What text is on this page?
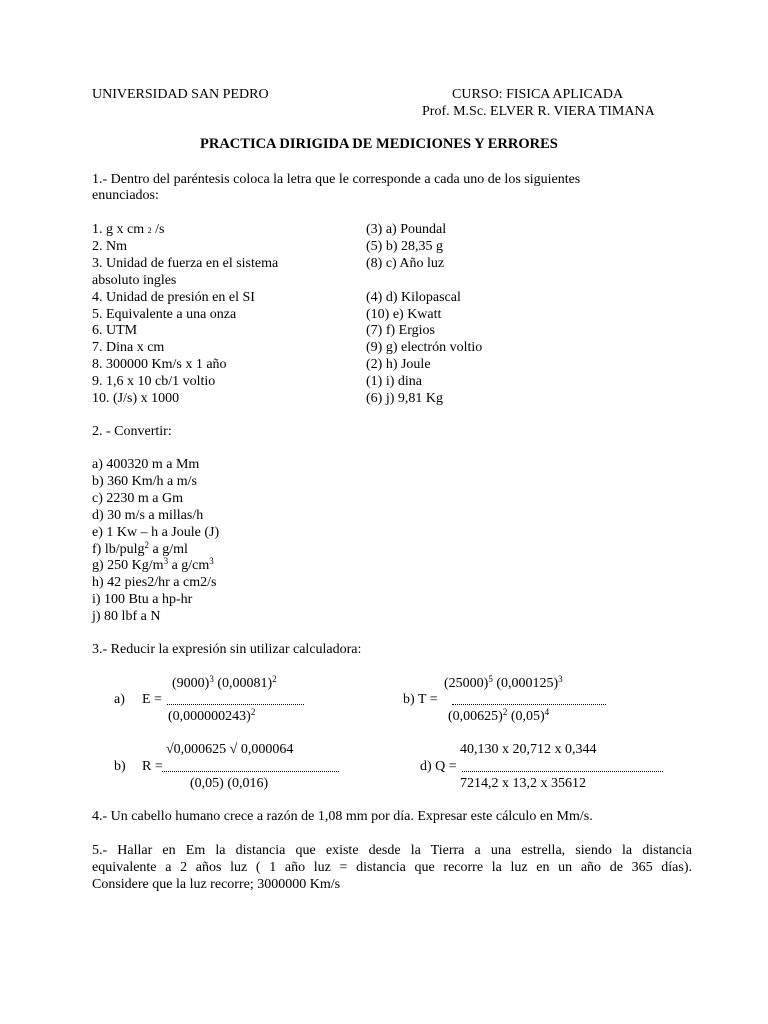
UNIVERSIDAD SAN PEDRO	CURSO: FISICA APLICADA
Prof. M.Sc. ELVER R. VIERA TIMANA
PRACTICA DIRIGIDA DE MEDICIONES Y ERRORES
1.- Dentro del paréntesis coloca la letra que le corresponde a cada uno de los siguientes
enunciados:
1. g x cm 2 /s
2. Nm
3. Unidad de fuerza en el sistema
absoluto ingles
4. Unidad de presión en el SI
5. Equivalente a una onza
6. UTM
7. Dina x cm
8. 300000 Km/s x 1 año
9. 1,6 x 10 cb/1 voltio
10. (J/s) x 1000
(3) a) Poundal
(5) b) 28,35 g
(8) c) Año luz
(4) d) Kilopascal
(10) e) Kwatt
(7) f) Ergios
(9) g) electrón voltio
(2) h) Joule
(1) i) dina
(6) j) 9,81 Kg
2. - Convertir:
a) 400320 m a Mm
b) 360 Km/h a m/s
c) 2230 m a Gm
d) 30 m/s a millas/h
e) 1 Kw – h a Joule (J)
f) lb/pulg$^2$ a g/ml
g) 250 $Kg/m^3$ a $g/cm^3$
h) 42 pies2/hr a cm2/s
i) 100 Btu a hp-hr
j) 80 lbf a N
3.- Reducir la expresión sin utilizar calculadora:
$(9000)^3$ $(0,00081)^2$
a) E =
$(0,000000243)^2$
$(25000)^5$ $(0,000125)^3$
b) T =
$(0,00625)^2$ $(0,05)^4$
√0,000625 √ 0,000064
b) R =
(0,05) (0,016)
40,130 x 20,712 x 0,344
d) Q =
7214,2 x 13,2 x 35612
4.- Un cabello humano crece a razón de 1,08 mm por día. Expresar este cálculo en Mm/s.
5.- Hallar en Em la distancia que existe desde la Tierra a una estrella, siendo la distancia
equivalente a 2 años luz ( 1 año luz = distancia que recorre la luz en un año de 365 días).
Considere que la luz recorre; 3000000 Km/s
